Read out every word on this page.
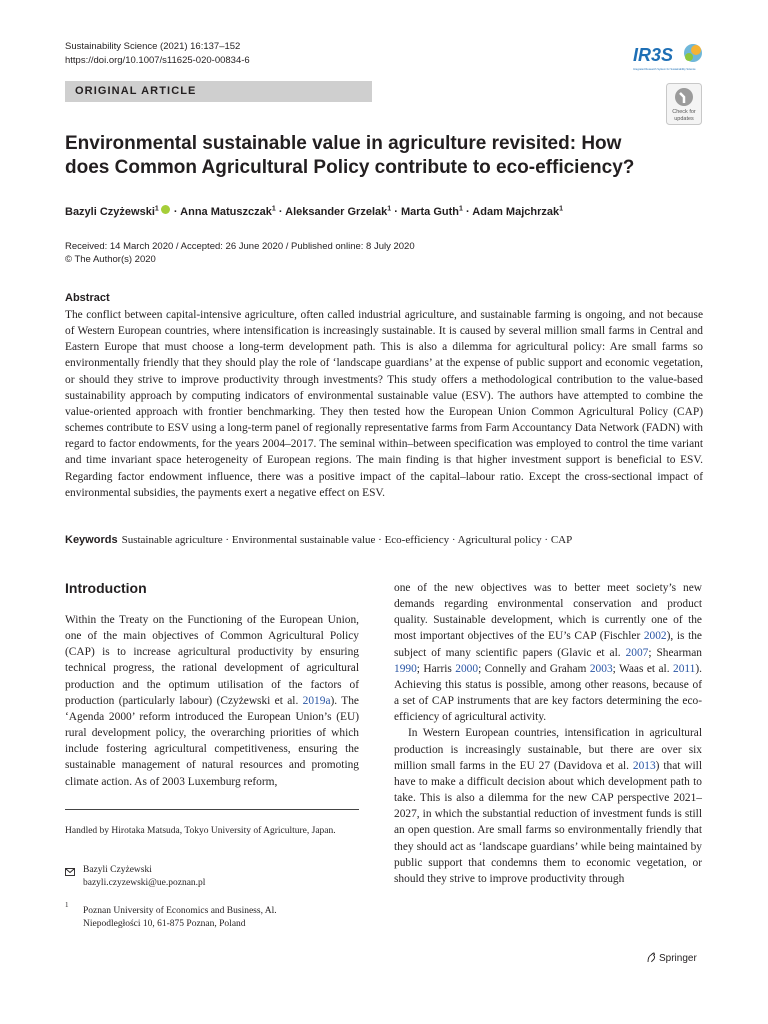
Sustainability Science (2021) 16:137–152
https://doi.org/10.1007/s11625-020-00834-6	IR3S
Integrated Research System for Sustainability Science
ORIGINAL ARTICLE
Check for
updates
Environmental sustainable value in agriculture revisited: How does Common Agricultural Policy contribute to eco-efficiency?
Bazyli Czyżewski$^1$ · Anna Matuszczak$^1$ · Aleksander Grzelak$^1$ · Marta Guth$^1$ · Adam Majchrzak$^1$
Received: 14 March 2020 / Accepted: 26 June 2020 / Published online: 8 July 2020
© The Author(s) 2020
Abstract

The conflict between capital-intensive agriculture, often called industrial agriculture, and sustainable farming is ongoing, and not because of Western European countries, where intensification is increasingly sustainable. It is caused by several million small farms in Central and Eastern Europe that must choose a long-term development path. This is also a dilemma for agricultural policy: Are small farms so environmentally friendly that they should play the role of ‘landscape guardians’ at the expense of public support and economic vegetation, or should they strive to improve productivity through investments? This study offers a methodological contribution to the value-based sustainability approach by computing indicators of environmental sustainable value (ESV). The authors have attempted to combine the value-oriented approach with frontier benchmarking. They then tested how the European Union Common Agricultural Policy (CAP) schemes contribute to ESV using a long-term panel of regionally representative farms from Farm Accountancy Data Network (FADN) with regard to factor endowments, for the years 2004–2017. The seminal within–between specification was employed to control the time variant and time invariant space heterogeneity of European regions. The main finding is that higher investment support is beneficial to ESV. Regarding factor endowment influence, there was a positive impact of the capital–labour ratio. Except the cross-sectional impact of environmental subsidies, the payments exert a negative effect on ESV.

Keywords Sustainable agriculture · Environmental sustainable value · Eco-efficiency · Agricultural policy · CAP
Introduction

Within the Treaty on the Functioning of the European Union, one of the main objectives of Common Agricultural Policy (CAP) is to increase agricultural productivity by ensuring technical progress, the rational development of agricultural production and the optimum utilisation of the factors of production (particularly labour) (Czyżewski et al. 2019a). The ‘Agenda 2000’ reform introduced the European Union’s (EU) rural development policy, the overarching priorities of which include fostering agricultural competitiveness, ensuring the sustainable management of natural resources and promoting climate action. As of 2003 Luxemburg reform,

one of the new objectives was to better meet society’s new demands regarding environmental conservation and product quality. Sustainable development, which is currently one of the most important objectives of the EU’s CAP (Fischler 2002), is the subject of many scientific papers (Glavic et al. 2007; Shearman 1990; Harris 2000; Connelly and Graham 2003; Waas et al. 2011). Achieving this status is possible, among other reasons, because of a set of CAP instruments that are key factors determining the eco-efficiency of agricultural activity.

In Western European countries, intensification in agricultural production is increasingly sustainable, but there are over six million small farms in the EU 27 (Davidova et al. 2013) that will have to make a difficult decision about which development path to take. This is also a dilemma for the new CAP perspective 2021–2027, in which the substantial reduction of investment funds is still an open question. Are small farms so environmentally friendly that they should act as ‘landscape guardians’ while being maintained by public support that condemns them to economic vegetation, or should they strive to improve productivity through

Handled by Hirotaka Matsuda, Tokyo University of Agriculture, Japan.
Bazyli Czyżewski
bazyli.czyzewski@ue.poznan.pl
1
Poznan University of Economics and Business, Al.
Niepodległości 10, 61-875 Poznan, Poland
Springer
